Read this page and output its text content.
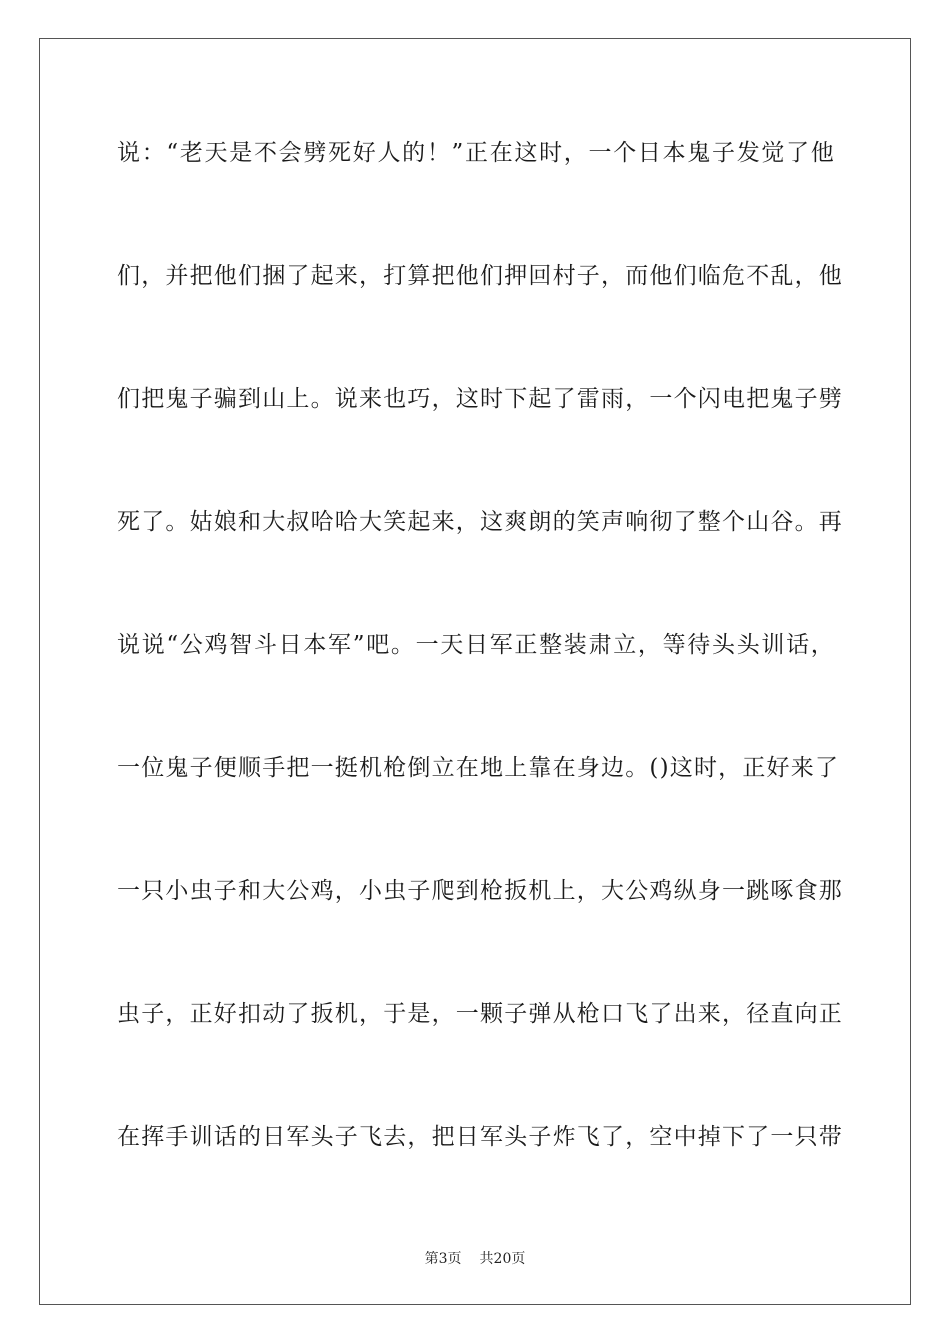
说：“老天是不会劈死好人的！”正在这时，一个日本鬼子发觉了他
们，并把他们捆了起来，打算把他们押回村子，而他们临危不乱，他
们把鬼子骗到山上。说来也巧，这时下起了雷雨，一个闪电把鬼子劈
死了。姑娘和大叔哈哈大笑起来，这爽朗的笑声响彻了整个山谷。再
说说“公鸡智斗日本军”吧。一天日军正整装肃立，等待头头训话，
一位鬼子便顺手把一挺机枪倒立在地上靠在身边。()这时，正好来了
一只小虫子和大公鸡，小虫子爬到枪扳机上，大公鸡纵身一跳啄食那
虫子，正好扣动了扳机，于是，一颗子弹从枪口飞了出来，径直向正
在挥手训话的日军头子飞去，把日军头子炸飞了，空中掉下了一只带
第3页 共20页
